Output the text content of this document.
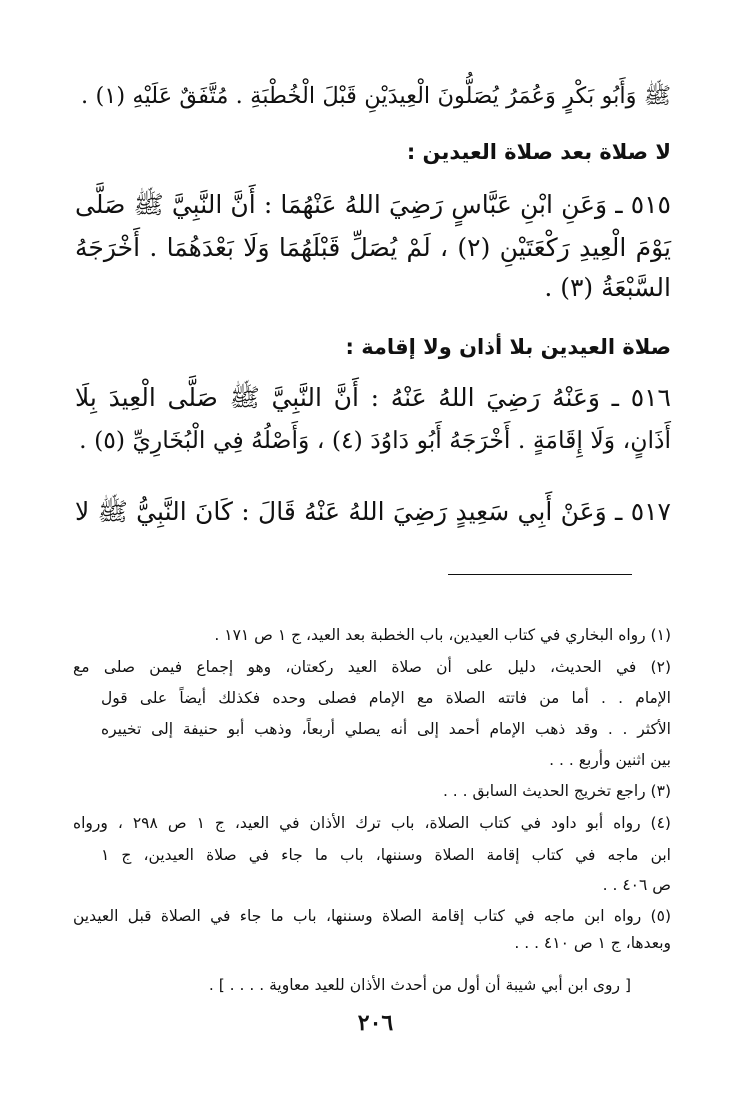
ﷺ وَأَبُو بَكْرٍ وَعُمَرُ يُصَلُّونَ الْعِيدَيْنِ قَبْلَ الْخُطْبَةِ . مُتَّفَقٌ عَلَيْهِ (١) .
لا صلاة بعد صلاة العيدين :
٥١٥ ـ وَعَنِ ابْنِ عَبَّاسٍ رَضِيَ اللهُ عَنْهُمَا : أَنَّ النَّبِيَّ ﷺ صَلَّى
يَوْمَ الْعِيدِ رَكْعَتَيْنِ (٢) ، لَمْ يُصَلِّ قَبْلَهُمَا وَلَا بَعْدَهُمَا . أَخْرَجَهُ
السَّبْعَةُ (٣) .
صلاة العيدين بلا أذان ولا إقامة :
٥١٦ ـ وَعَنْهُ رَضِيَ اللهُ عَنْهُ : أَنَّ النَّبِيَّ ﷺ صَلَّى الْعِيدَ بِلَا
أَذَانٍ، وَلَا إِقَامَةٍ . أَخْرَجَهُ أَبُو دَاوُدَ (٤) ، وَأَصْلُهُ فِي الْبُخَارِيِّ (٥) .
٥١٧ ـ وَعَنْ أَبِي سَعِيدٍ رَضِيَ اللهُ عَنْهُ قَالَ : كَانَ النَّبِيُّ ﷺ لا
(١) رواه البخاري في كتاب العيدين، باب الخطبة بعد العيد، ج ١ ص ١٧١ .
(٢) في الحديث، دليل على أن صلاة العيد ركعتان، وهو إجماع فيمن صلى مع
الإمام . . أما من فاتته الصلاة مع الإمام فصلى وحده فكذلك أيضاً على قول
الأكثر . . وقد ذهب الإمام أحمد إلى أنه يصلي أربعاً، وذهب أبو حنيفة إلى تخييره
بين اثنين وأربع . . .
(٣) راجع تخريج الحديث السابق . . .
(٤) رواه أبو داود في كتاب الصلاة، باب ترك الأذان في العيد، ج ١ ص ٢٩٨ ، ورواه
ابن ماجه في كتاب إقامة الصلاة وسننها، باب ما جاء في صلاة العيدين، ج ١
ص ٤٠٦ . .
(٥) رواه ابن ماجه في كتاب إقامة الصلاة وسننها، باب ما جاء في الصلاة قبل العيدين
وبعدها، ج ١ ص ٤١٠ . . .
[ روى ابن أبي شيبة أن أول من أحدث الأذان للعيد معاوية . . . . ] .
٢٠٦
